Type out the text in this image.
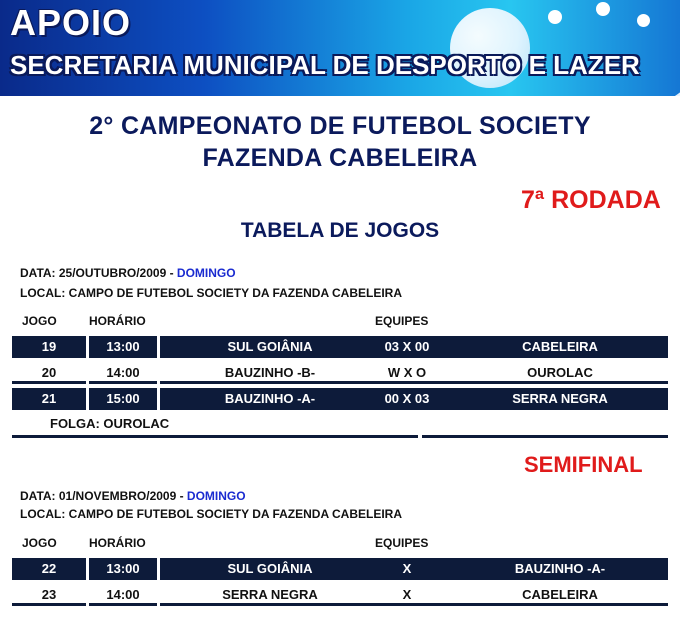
APOIO
SECRETARIA MUNICIPAL DE DESPORTO E LAZER
2° CAMPEONATO DE FUTEBOL SOCIETY
FAZENDA CABELEIRA
7ª RODADA
TABELA DE JOGOS
DATA: 25/OUTUBRO/2009 - DOMINGO
LOCAL: CAMPO DE FUTEBOL SOCIETY DA FAZENDA CABELEIRA
JOGO	HORÁRIO	EQUIPES
19	13:00	SUL GOIÂNIA	03 X 00	CABELEIRA
20	14:00	BAUZINHO -B-	W X O	OUROLAC
21	15:00	BAUZINHO -A-	00 X 03	SERRA NEGRA
FOLGA: OUROLAC
SEMIFINAL
DATA: 01/NOVEMBRO/2009 - DOMINGO
LOCAL: CAMPO DE FUTEBOL SOCIETY DA FAZENDA CABELEIRA
JOGO	HORÁRIO	EQUIPES
22	13:00	SUL GOIÂNIA	X	BAUZINHO -A-
23	14:00	SERRA NEGRA	X	CABELEIRA
